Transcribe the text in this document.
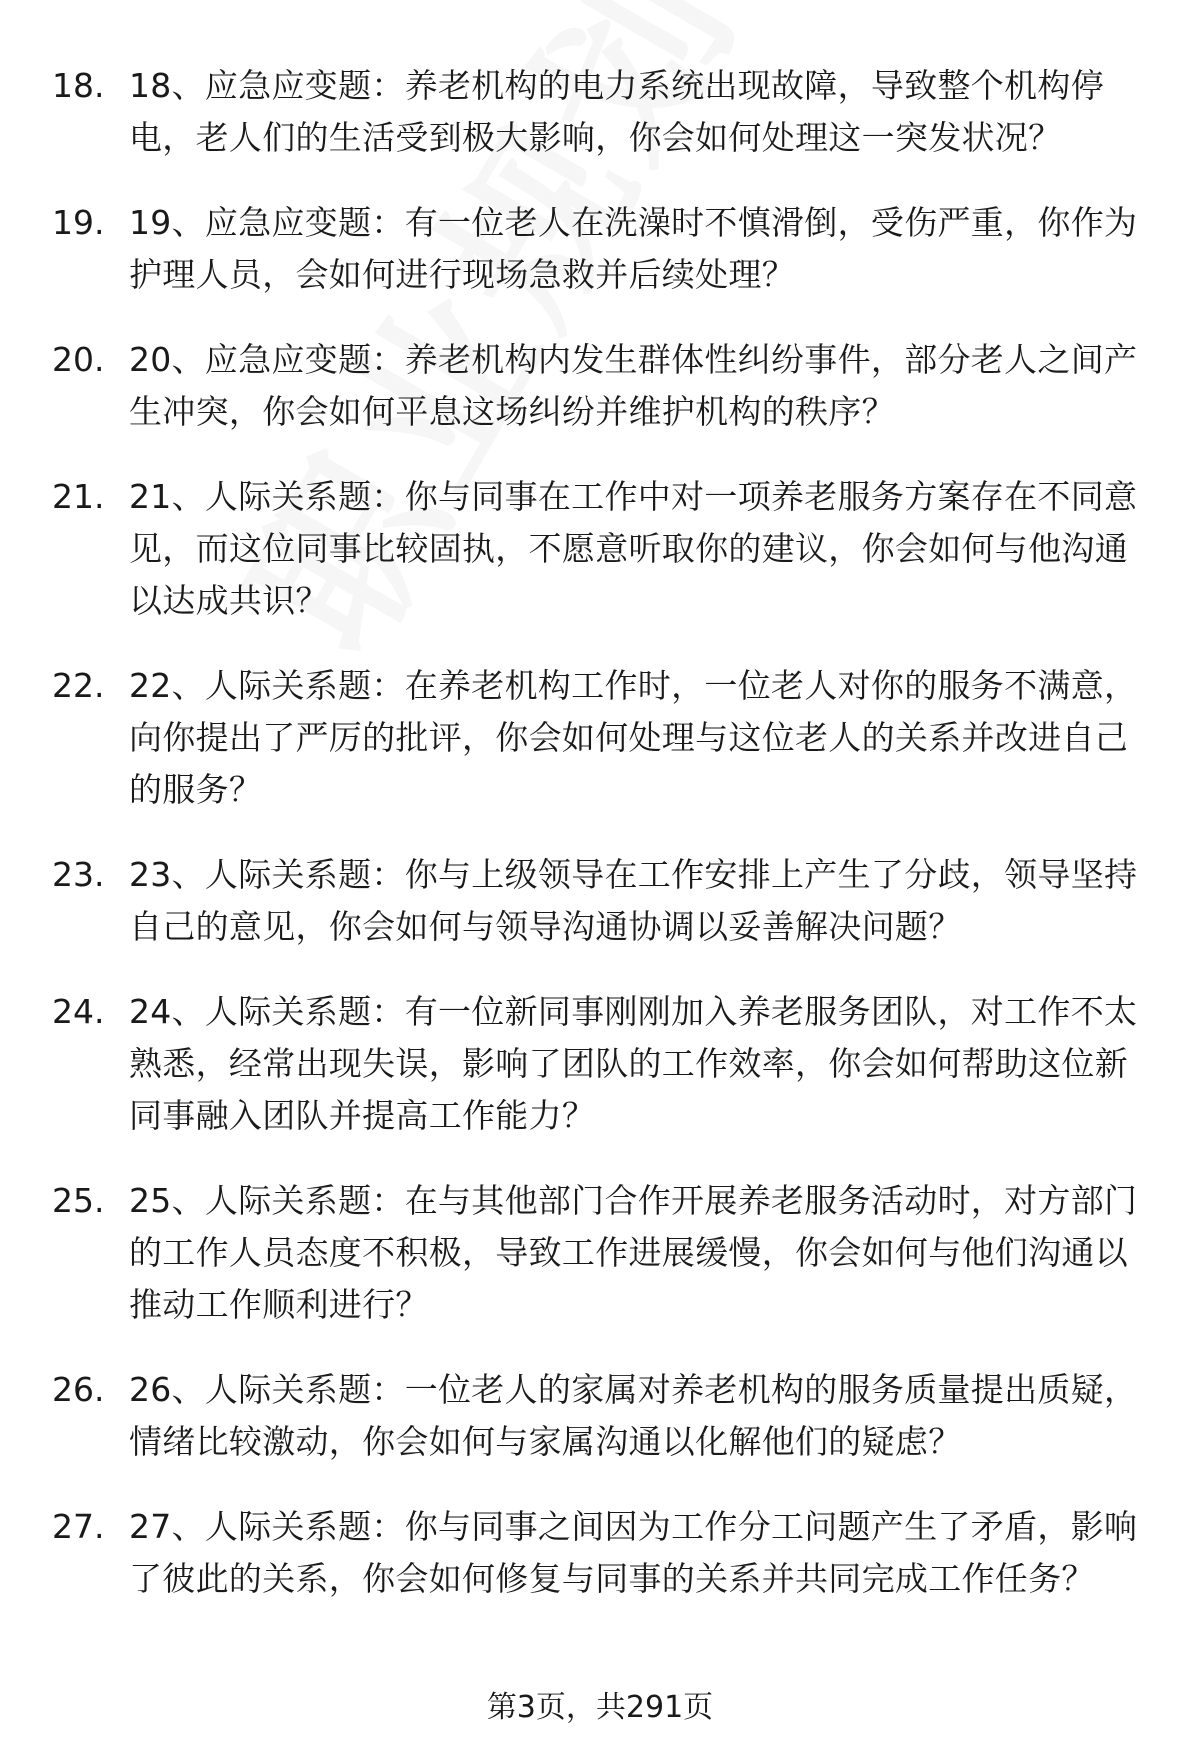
18. 18、应急应变题：养老机构的电力系统出现故障，导致整个机构停电，老人们的生活受到极大影响，你会如何处理这一突发状况？
19. 19、应急应变题：有一位老人在洗澡时不慎滑倒，受伤严重，你作为护理人员，会如何进行现场急救并后续处理？
20. 20、应急应变题：养老机构内发生群体性纠纷事件，部分老人之间产生冲突，你会如何平息这场纠纷并维护机构的秩序？
21. 21、人际关系题：你与同事在工作中对一项养老服务方案存在不同意见，而这位同事比较固执，不愿意听取你的建议，你会如何与他沟通以达成共识？
22. 22、人际关系题：在养老机构工作时，一位老人对你的服务不满意，向你提出了严厉的批评，你会如何处理与这位老人的关系并改进自己的服务？
23. 23、人际关系题：你与上级领导在工作安排上产生了分歧，领导坚持自己的意见，你会如何与领导沟通协调以妥善解决问题？
24. 24、人际关系题：有一位新同事刚刚加入养老服务团队，对工作不太熟悉，经常出现失误，影响了团队的工作效率，你会如何帮助这位新同事融入团队并提高工作能力？
25. 25、人际关系题：在与其他部门合作开展养老服务活动时，对方部门的工作人员态度不积极，导致工作进展缓慢，你会如何与他们沟通以推动工作顺利进行？
26. 26、人际关系题：一位老人的家属对养老机构的服务质量提出质疑，情绪比较激动，你会如何与家属沟通以化解他们的疑虑？
27. 27、人际关系题：你与同事之间因为工作分工问题产生了矛盾，影响了彼此的关系，你会如何修复与同事的关系并共同完成工作任务？
第3页，共291页
